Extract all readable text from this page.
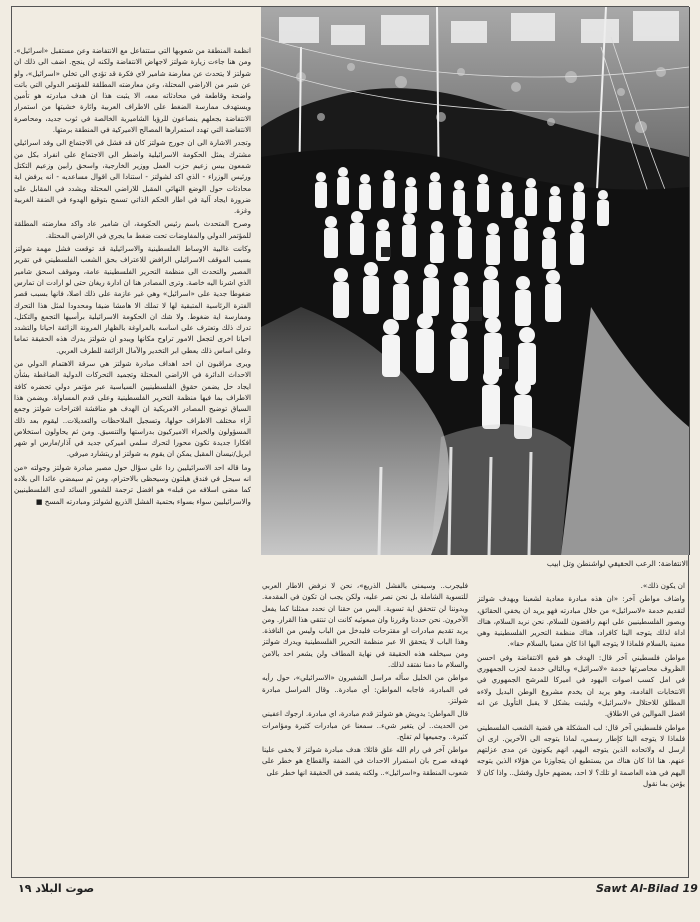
الانتفاضة: الرعب الحقيقي لواشنطن وتل ابيب

انظمة المنطقة من شعوبها التي ستتفاعل مع الانتفاضة وعن مستقبل «اسرائيل». ومن هنا جاءت زيارة شولتز لاجهاض الانتفاضة ولكنه لن ينجح. اضف الى ذلك ان شولتز لا يتحدث عن معارضة شامير لاي فكرة قد تؤدي الى تخلي «اسرائيل»، ولو عن شبر من الاراضي المحتلة، وعن معارضته المطلقة للمؤتمر الدولي التي باتت واضحة وقاطعة في محادثاته معه، الا يثبت هذا ان هدف مبادرته هو تأمين ويستهدف ممارسة الضغط على الاطراف العربية واثارة خشيتها من استمرار الانتفاضة بجعلهم ينصاعون للرؤيا الشاميرية الخالصة في ثوب جديد، ومحاصرة الانتفاضة التي تهدد استمرارها المصالح الاميركية في المنطقة برمتها.

وتجدر الاشارة الى ان جورج شولتز كان قد فشل في الاجتماع الى وفد اسرائيلي مشترك يمثل الحكومة الاسرائيلية واضطر الى الاجتماع على انفراد بكل من شمعون بيس زعيم حزب العمل ووزير الخارجية، واسحق رابين وزعيم التكتل ورئيس الوزراء - الذي اكد لشولتز - استنادا الى اقوال مساعديه - انه يرفض اية محادثات حول الوضع النهائي المقبل للاراضي المحتلة ويشدد في المقابل على ضرورة ايجاد آلية في اطار الحكم الذاتي تسمح بتوقيع الهدوء في الضفة الغربية وغزة.

وصرح المتحدث باسم رئيس الحكومة، ان شامير عاد واكد معارضته المطلقة للمؤتمر الدولي والمفاوضات تحت ضغط ما يجري في الاراضي المحتلة.

وكانت غالبية الاوساط الفلسطينية والاسرائيلية قد توقعت فشل مهمة شولتز بسبب الموقف الاسرائيلي الرافض للاعتراف بحق الشعب الفلسطيني في تقرير المصير والتحدث الى منظمة التحرير الفلسطينية عامة، وموقف اسحق شامير الذي اشرنا اليه خاصة. وترى المصادر هنا ان ادارة ريغان حتى لو ارادت ان تمارس ضغوطا جدية على «اسرائيل» وهي غير عازمة على ذلك اصلا، فانها بسبب قصر الفترة الرئاسية المتبقية لها لا تملك الا هامشا ضيقا ومحدودا لمثل هذا التحرك وممارسة اية ضغوط. ولا شك ان الحكومة الاسرائيلية برأسيها التجمع والتكتل، تدرك ذلك وتعترف على اساسه بالمراوغة بالظهار المرونة الزائفة احيانا والتشدد احيانا اخرى لتجعل الامور تراوح مكانها ويبدو ان شولتز يدرك هذه الحقيقة تماما وعلى اساس ذلك يعطي ابر التخدير والآمال الزائفة للطرف العربي.

ويرى مراقبون ان احد اهداف مبادرة شولتز هي سرقة الاهتمام الدولي من الاحداث الدائرة في الاراضي المحتلة وتجميد التحركات الدولية الضاغطة بشأن ايجاد حل يضمن حقوق الفلسطينيين السياسية عبر مؤتمر دولي تحضره كافة الاطراف بما فيها منظمة التحرير الفلسطينية وعلى قدم المساواة. ويضمن هذا السياق توضيح المصادر الامريكية ان الهدف هو مناقشة اقتراحات شولتز وجمع آراء مختلف الاطراف حولها، وتسجيل الملاحظات والتعديلات.. ليقوم بعد ذلك المسؤولون والخبراء الاميركيون بدراستها والتنسيق. ومن ثم يحاولون استخلاص افكارا جديدة تكون محورا لتحرك سلمي اميركي جديد في آذار/مارس او شهر ابريل/نيسان المقبل يمكن ان يقوم به شولتز او ريتشارد ميرفي.

وما قاله احد الاسرائيليين ردا على سؤال حول مصير مبادرة شولتز وجولته «من انه سيحل في فندق هيلتون وسيحظى بالاحترام، ومن ثم سيمضي عائدا الى بلاده كما مضى اسلافه من قبله» هو افضل ترجمة للشعور السائد لدى الفلسطينيين والاسرائيليين سواء بسواء بحتمية الفشل الذريع لشولتز ومبادرته المسخ ■

فليجرب.. وسيمنى بالفشل الذريع»، نحن لا نرفض الاطار العربي للتسوية الشاملة بل نحن نصر عليه، ولكن يجب ان تكون في المقدمة. وبدوننا لن تتحقق اية تسوية. اليس من حقنا ان نحدد ممثلنا كما يفعل الآخرون. نحن حددنا وقررنا وان مبعوثيه كانت ان تنتقي هذا القرار. ومن يريد تقديم مبادرات او مقترحات فليدخل من الباب وليس من النافذة. وهذا الباب لا يتحقق الا عبر منظمة التحرير الفلسطينية ويدرك شولتز ومن سيخلفه هذه الحقيقة في نهاية المطاف ولن يشعر احد بالامن والسلام ما دمنا نفتقد لذلك.

مواطن من الخليل سأله مراسل الشفيرون «الاسرائيلي»، حول رأيه في المبادرة، فاجابه المواطن: أي مبادرة.. وقال المراسل مبادرة شولتز.

قال المواطن: يدويش هو شولتز قدم مبادرة، اي مبادرة. ارجوك اعفيني من الحديث.. لن يتغير شيء.. سمعنا عن مبادرات كثيرة ومؤامرات كثيرة.. وجميعها لم تفلح.

مواطن آخر في رام الله علق قائلا: هدف مبادرة شولتز لا يخفى علينا فهدفه صرح بان استمرار الاحداث في الضفة والقطاع هو خطر على شعوب المنطقة و«اسرائيل».. ولكنه يقصد في الحقيقة انها خطر على

ان يكون ذلك».

واضاف مواطن آخر: «ان هذه مبادرة معادية لشعبنا ويهدف شولتز لتقديم خدمة «لاسرائيل» من خلال مبادرته فهو يريد ان يخفي الحقائق، ويصور الفلسطينيين على انهم رافضون للسلام. نحن نريد السلام، هناك اداة لذلك يتوجه الينا كافراد، هناك منظمة التحرير الفلسطينية وهي معنية بالسلام فلماذا لا يتوجه اليها اذا كان معنيا بالسلام حقا».

مواطن فلسطيني آخر قال: الهدف هو قمع الانتفاضة وفي احسن الظروف محاصرتها خدمة «لاسرائيل» وبالتالي خدمة لحزب الجمهوري في امل كسب اصوات اليهود في اميركا للمرشح الجمهوري في الانتخابات القادمة، وهو يريد ان يخدم مشروع الوطن البديل ولاءه المطلق للاحتلال «لاسرائيل» وليثبت بشكل لا يقبل التأويل عن انه افضل الموالين في الاطلاق.

مواطن فلسطيني آخر قال: لب المشكلة هي قضية الشعب الفلسطيني فلماذا لا يتوجه الينا كإطار رسمي، لماذا يتوجه الى الآخرين. ارى ان ارسل له ولاتحاده الذين يتوجه اليهم، انهم يكونون عن مدى عزلتهم عنهم. هنا اذا كان هناك من يستطيع ان يتجاوزنا من هؤلاء الذين يتوجه اليهم في هذه العاصمة او تلك؟ لا احد، بعضهم حاول وفشل.. واذا كان لا يؤمن بما نقول

صوت البلاد ١٩	Sawt Al-Bilad 19
